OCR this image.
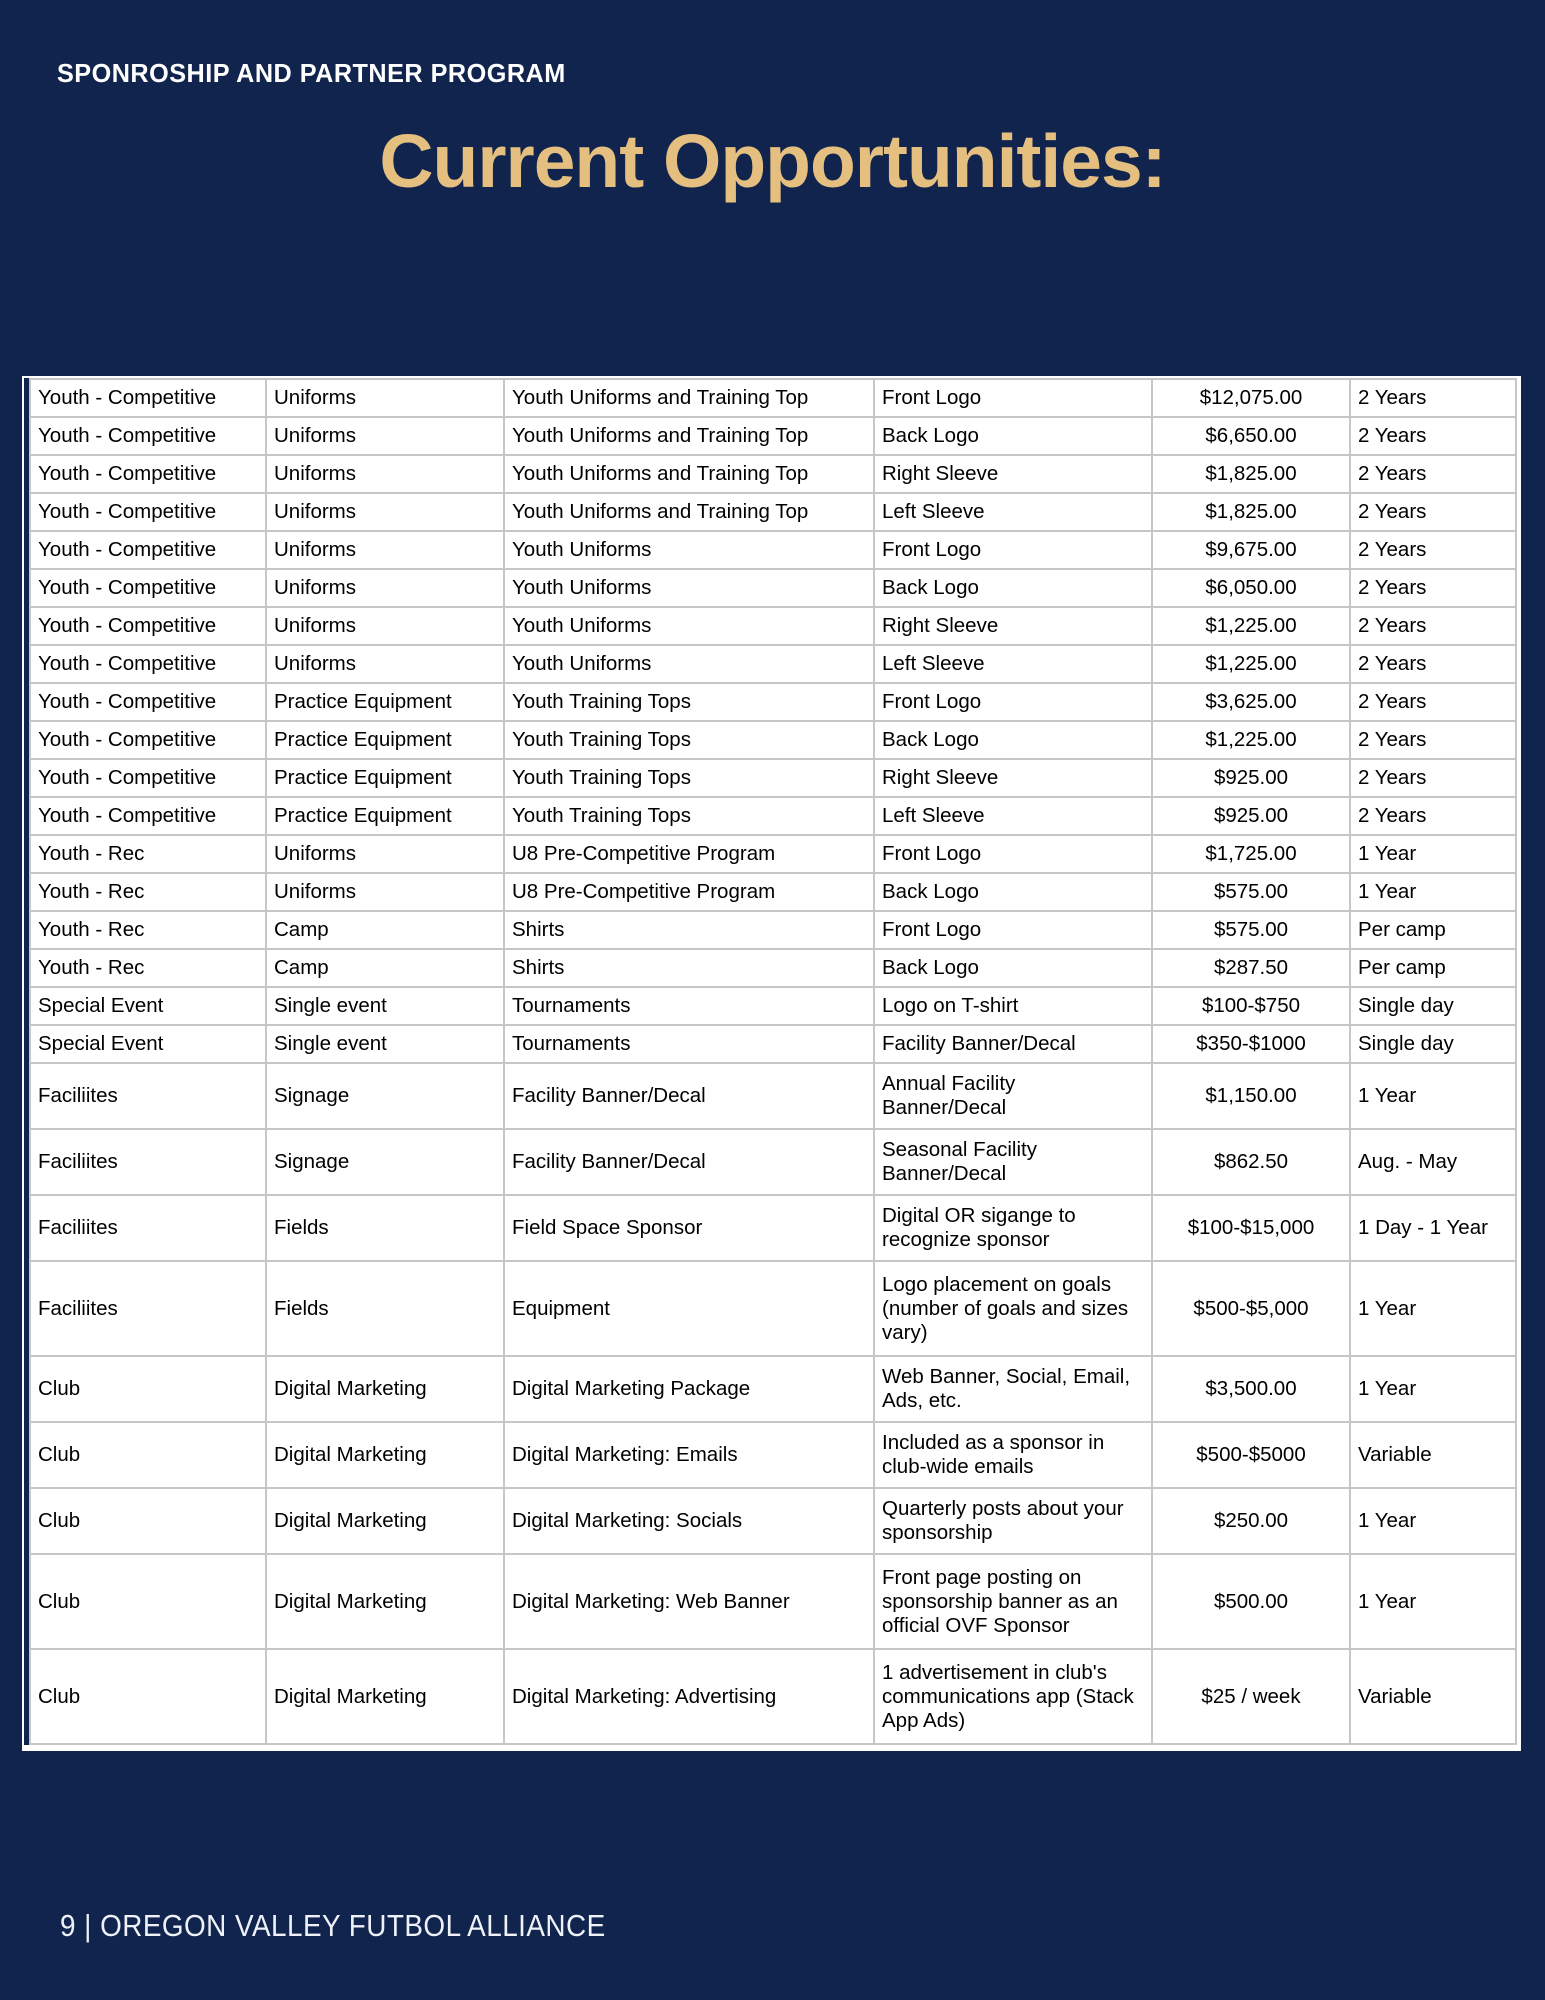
SPONROSHIP AND PARTNER PROGRAM
Current Opportunities:
Youth - Competitive	Uniforms	Youth Uniforms and Training Top	Front Logo	$12,075.00	2 Years
Youth - Competitive	Uniforms	Youth Uniforms and Training Top	Back Logo	$6,650.00	2 Years
Youth - Competitive	Uniforms	Youth Uniforms and Training Top	Right Sleeve	$1,825.00	2 Years
Youth - Competitive	Uniforms	Youth Uniforms and Training Top	Left Sleeve	$1,825.00	2 Years
Youth - Competitive	Uniforms	Youth Uniforms	Front Logo	$9,675.00	2 Years
Youth - Competitive	Uniforms	Youth Uniforms	Back Logo	$6,050.00	2 Years
Youth - Competitive	Uniforms	Youth Uniforms	Right Sleeve	$1,225.00	2 Years
Youth - Competitive	Uniforms	Youth Uniforms	Left Sleeve	$1,225.00	2 Years
Youth - Competitive	Practice Equipment	Youth Training Tops	Front Logo	$3,625.00	2 Years
Youth - Competitive	Practice Equipment	Youth Training Tops	Back Logo	$1,225.00	2 Years
Youth - Competitive	Practice Equipment	Youth Training Tops	Right Sleeve	$925.00	2 Years
Youth - Competitive	Practice Equipment	Youth Training Tops	Left Sleeve	$925.00	2 Years
Youth - Rec	Uniforms	U8 Pre-Competitive Program	Front Logo	$1,725.00	1 Year
Youth - Rec	Uniforms	U8 Pre-Competitive Program	Back Logo	$575.00	1 Year
Youth - Rec	Camp	Shirts	Front Logo	$575.00	Per camp
Youth - Rec	Camp	Shirts	Back Logo	$287.50	Per camp
Special Event	Single event	Tournaments	Logo on T-shirt	$100-$750	Single day
Special Event	Single event	Tournaments	Facility Banner/Decal	$350-$1000	Single day
Faciliites	Signage	Facility Banner/Decal	Annual Facility Banner/Decal	$1,150.00	1 Year
Faciliites	Signage	Facility Banner/Decal	Seasonal Facility Banner/Decal	$862.50	Aug. - May
Faciliites	Fields	Field Space Sponsor	Digital OR sigange to recognize sponsor	$100-$15,000	1 Day - 1 Year
Faciliites	Fields	Equipment	Logo placement on goals (number of goals and sizes vary)	$500-$5,000	1 Year
Club	Digital Marketing	Digital Marketing Package	Web Banner, Social, Email, Ads, etc.	$3,500.00	1 Year
Club	Digital Marketing	Digital Marketing: Emails	Included as a sponsor in club-wide emails	$500-$5000	Variable
Club	Digital Marketing	Digital Marketing: Socials	Quarterly posts about your sponsorship	$250.00	1 Year
Club	Digital Marketing	Digital Marketing: Web Banner	Front page posting on sponsorship banner as an official OVF Sponsor	$500.00	1 Year
Club	Digital Marketing	Digital Marketing: Advertising	1 advertisement in club's communications app (Stack App Ads)	$25 / week	Variable
9 | OREGON VALLEY FUTBOL ALLIANCE
